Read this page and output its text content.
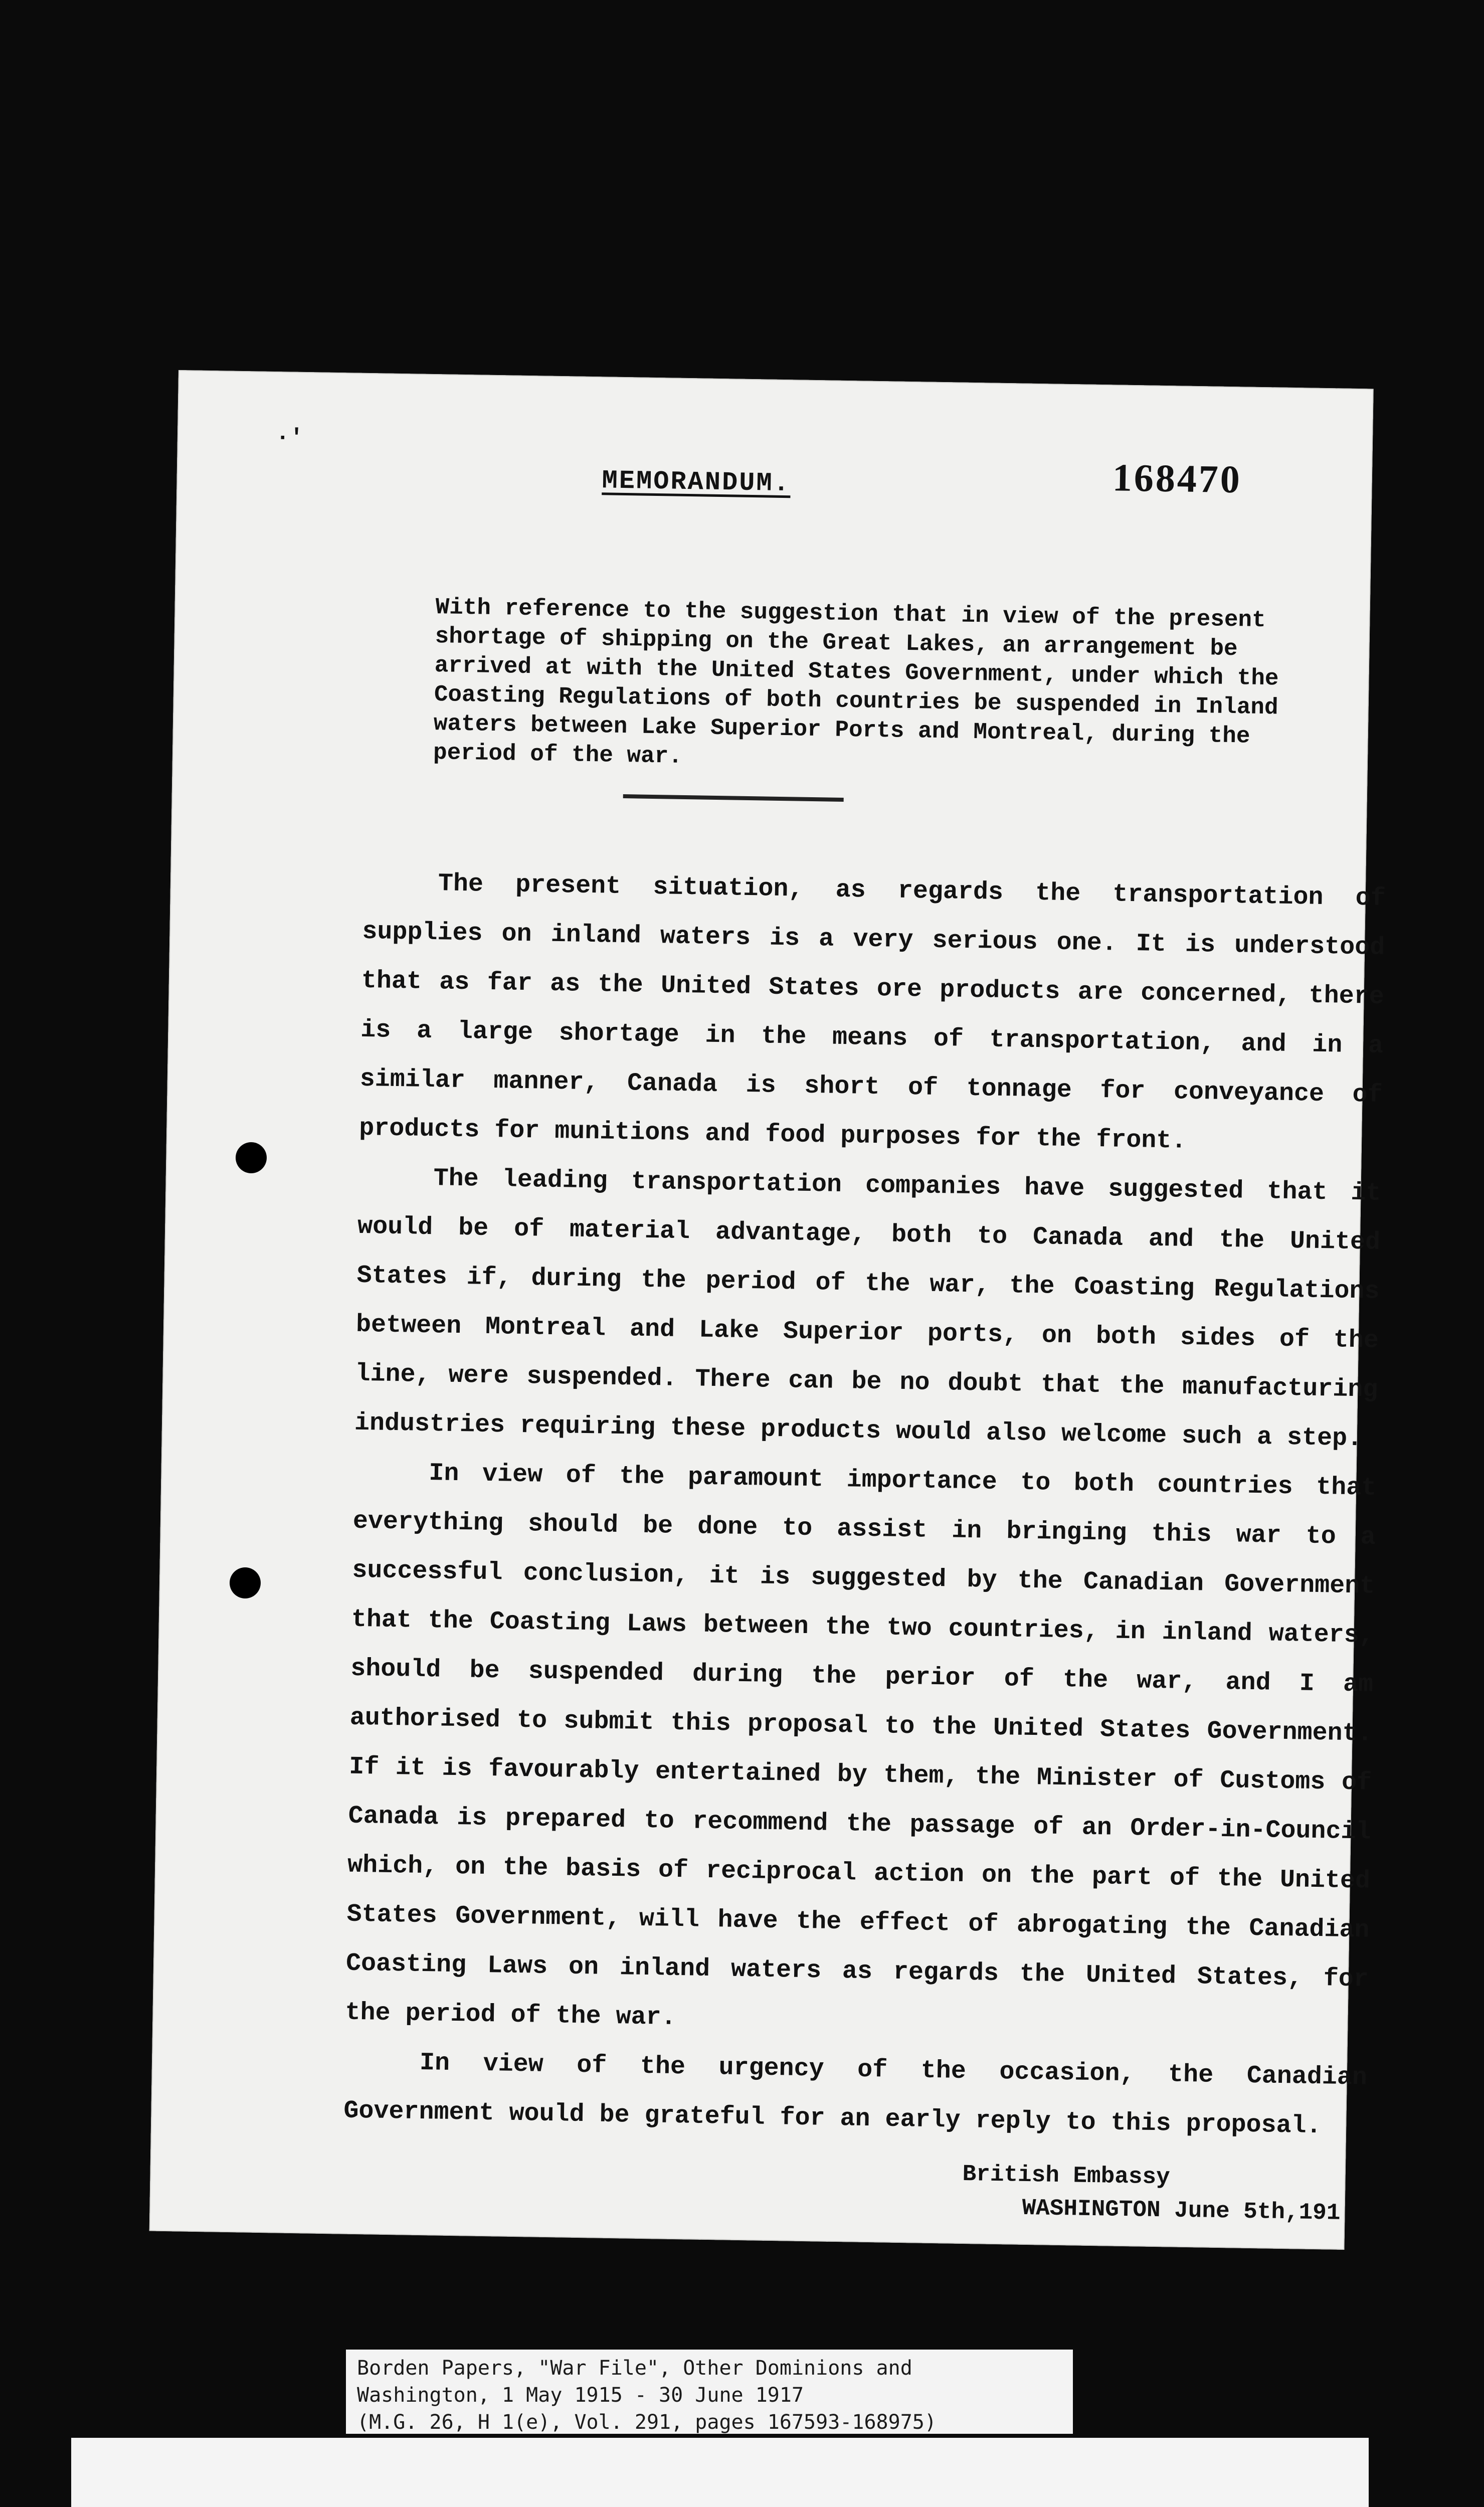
·'
168470
MEMORANDUM.
With reference to the suggestion that in view of the present shortage of shipping on the Great Lakes, an arrangement be arrived at with the United States Government, under which the Coasting Regulations of both countries be suspended in Inland waters between Lake Superior Ports and Montreal, during the period of the war.

The present situation, as regards the transportation of supplies on inland waters is a very serious one. It is understood that as far as the United States ore products are concerned, there is a large shortage in the means of transportation, and in a similar manner, Canada is short of tonnage for conveyance of products for munitions and food purposes for the front.

The leading transportation companies have suggested that it would be of material advantage, both to Canada and the United States if, during the period of the war, the Coasting Regulations between Montreal and Lake Superior ports, on both sides of the line, were suspended. There can be no doubt that the manufacturing industries requiring these products would also welcome such a step.

In view of the paramount importance to both countries that everything should be done to assist in bringing this war to a successful conclusion, it is suggested by the Canadian Government that the Coasting Laws between the two countries, in inland waters, should be suspended during the perior of the war, and I am authorised to submit this proposal to the United States Government. If it is favourably entertained by them, the Minister of Customs of Canada is prepared to recommend the passage of an Order-in-Council which, on the basis of reciprocal action on the part of the United States Government, will have the effect of abrogating the Canadian Coasting Laws on inland waters as regards the United States, for the period of the war.

In view of the urgency of the occasion, the Canadian Government would be grateful for an early reply to this proposal.

British Embassy
WASHINGTON June 5th,191
Borden Papers, "War File", Other Dominions and
Washington, 1 May 1915 - 30 June 1917
(M.G. 26, H 1(e), Vol. 291, pages 167593-168975)
